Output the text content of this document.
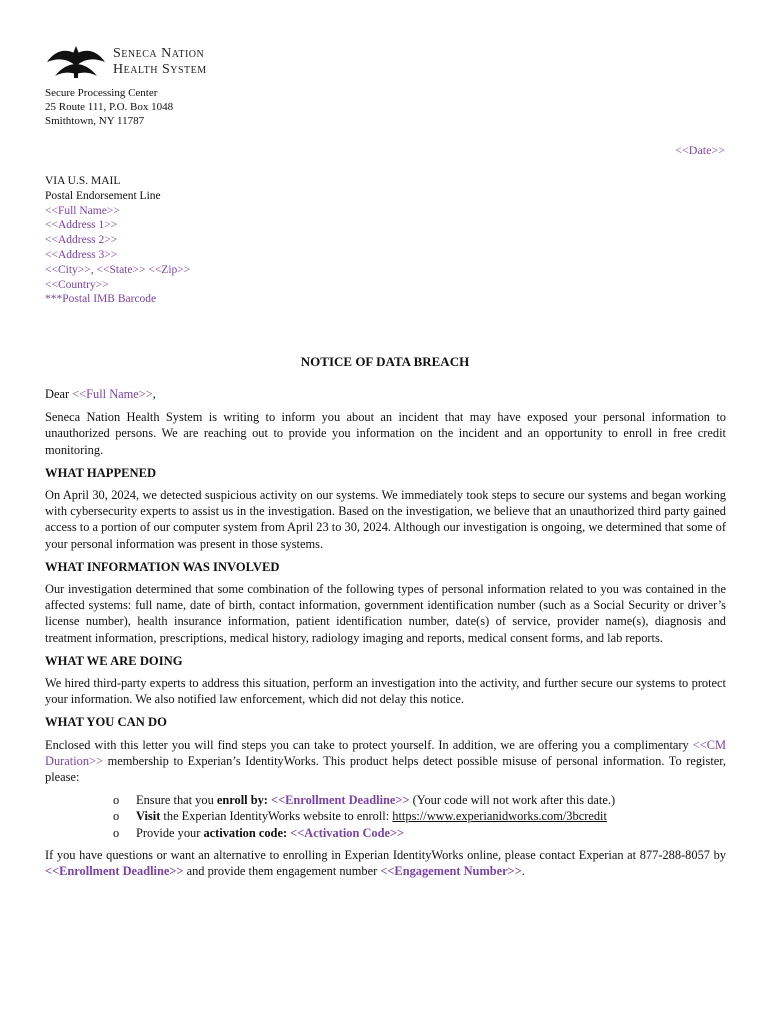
Seneca Nation
Health System
Secure Processing Center
25 Route 111, P.O. Box 1048
Smithtown, NY 11787
<<Date>>
VIA U.S. MAIL
Postal Endorsement Line
<<Full Name>>
<<Address 1>>
<<Address 2>>
<<Address 3>>
<<City>>, <<State>> <<Zip>>
<<Country>>
***Postal IMB Barcode
NOTICE OF DATA BREACH

Dear <<Full Name>>,

Seneca Nation Health System is writing to inform you about an incident that may have exposed your personal information to unauthorized persons. We are reaching out to provide you information on the incident and an opportunity to enroll in free credit monitoring.

WHAT HAPPENED

On April 30, 2024, we detected suspicious activity on our systems. We immediately took steps to secure our systems and began working with cybersecurity experts to assist us in the investigation. Based on the investigation, we believe that an unauthorized third party gained access to a portion of our computer system from April 23 to 30, 2024. Although our investigation is ongoing, we determined that some of your personal information was present in those systems.

WHAT INFORMATION WAS INVOLVED

Our investigation determined that some combination of the following types of personal information related to you was contained in the affected systems: full name, date of birth, contact information, government identification number (such as a Social Security or driver’s license number), health insurance information, patient identification number, date(s) of service, provider name(s), diagnosis and treatment information, prescriptions, medical history, radiology imaging and reports, medical consent forms, and lab reports.

WHAT WE ARE DOING

We hired third-party experts to address this situation, perform an investigation into the activity, and further secure our systems to protect your information. We also notified law enforcement, which did not delay this notice.

WHAT YOU CAN DO

Enclosed with this letter you will find steps you can take to protect yourself. In addition, we are offering you a complimentary <<CM Duration>> membership to Experian’s IdentityWorks. This product helps detect possible misuse of personal information. To register, please:

o Ensure that you enroll by: <<Enrollment Deadline>> (Your code will not work after this date.)
o Visit the Experian IdentityWorks website to enroll: https://www.experianidworks.com/3bcredit
o Provide your activation code: <<Activation Code>>

If you have questions or want an alternative to enrolling in Experian IdentityWorks online, please contact Experian at 877-288-8057 by <<Enrollment Deadline>> and provide them engagement number <<Engagement Number>>.
